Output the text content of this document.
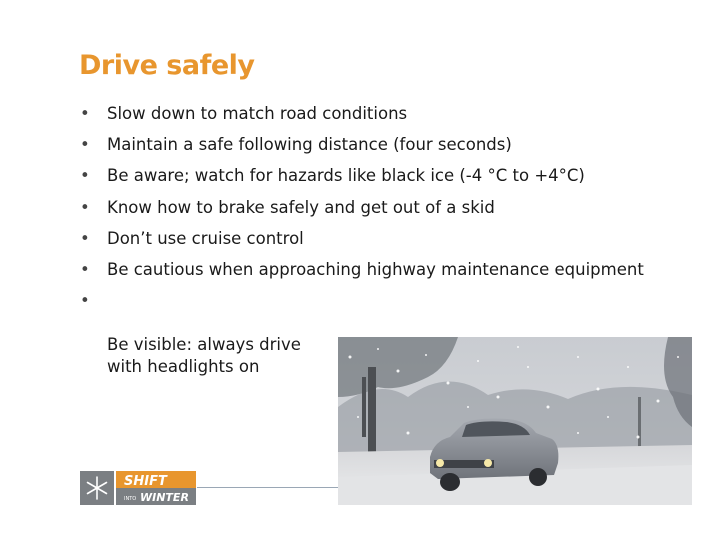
Drive safely
• Slow down to match road conditions
• Maintain a safe following distance (four seconds)
• Be aware; watch for hazards like black ice (-4 °C to +4°C)
• Know how to brake safely and get out of a skid
• Don’t use cruise control
• Be cautious when approaching highway maintenance equipment

•

Be visible: always drive
with headlights on

SHIFT
INTO WINTER
